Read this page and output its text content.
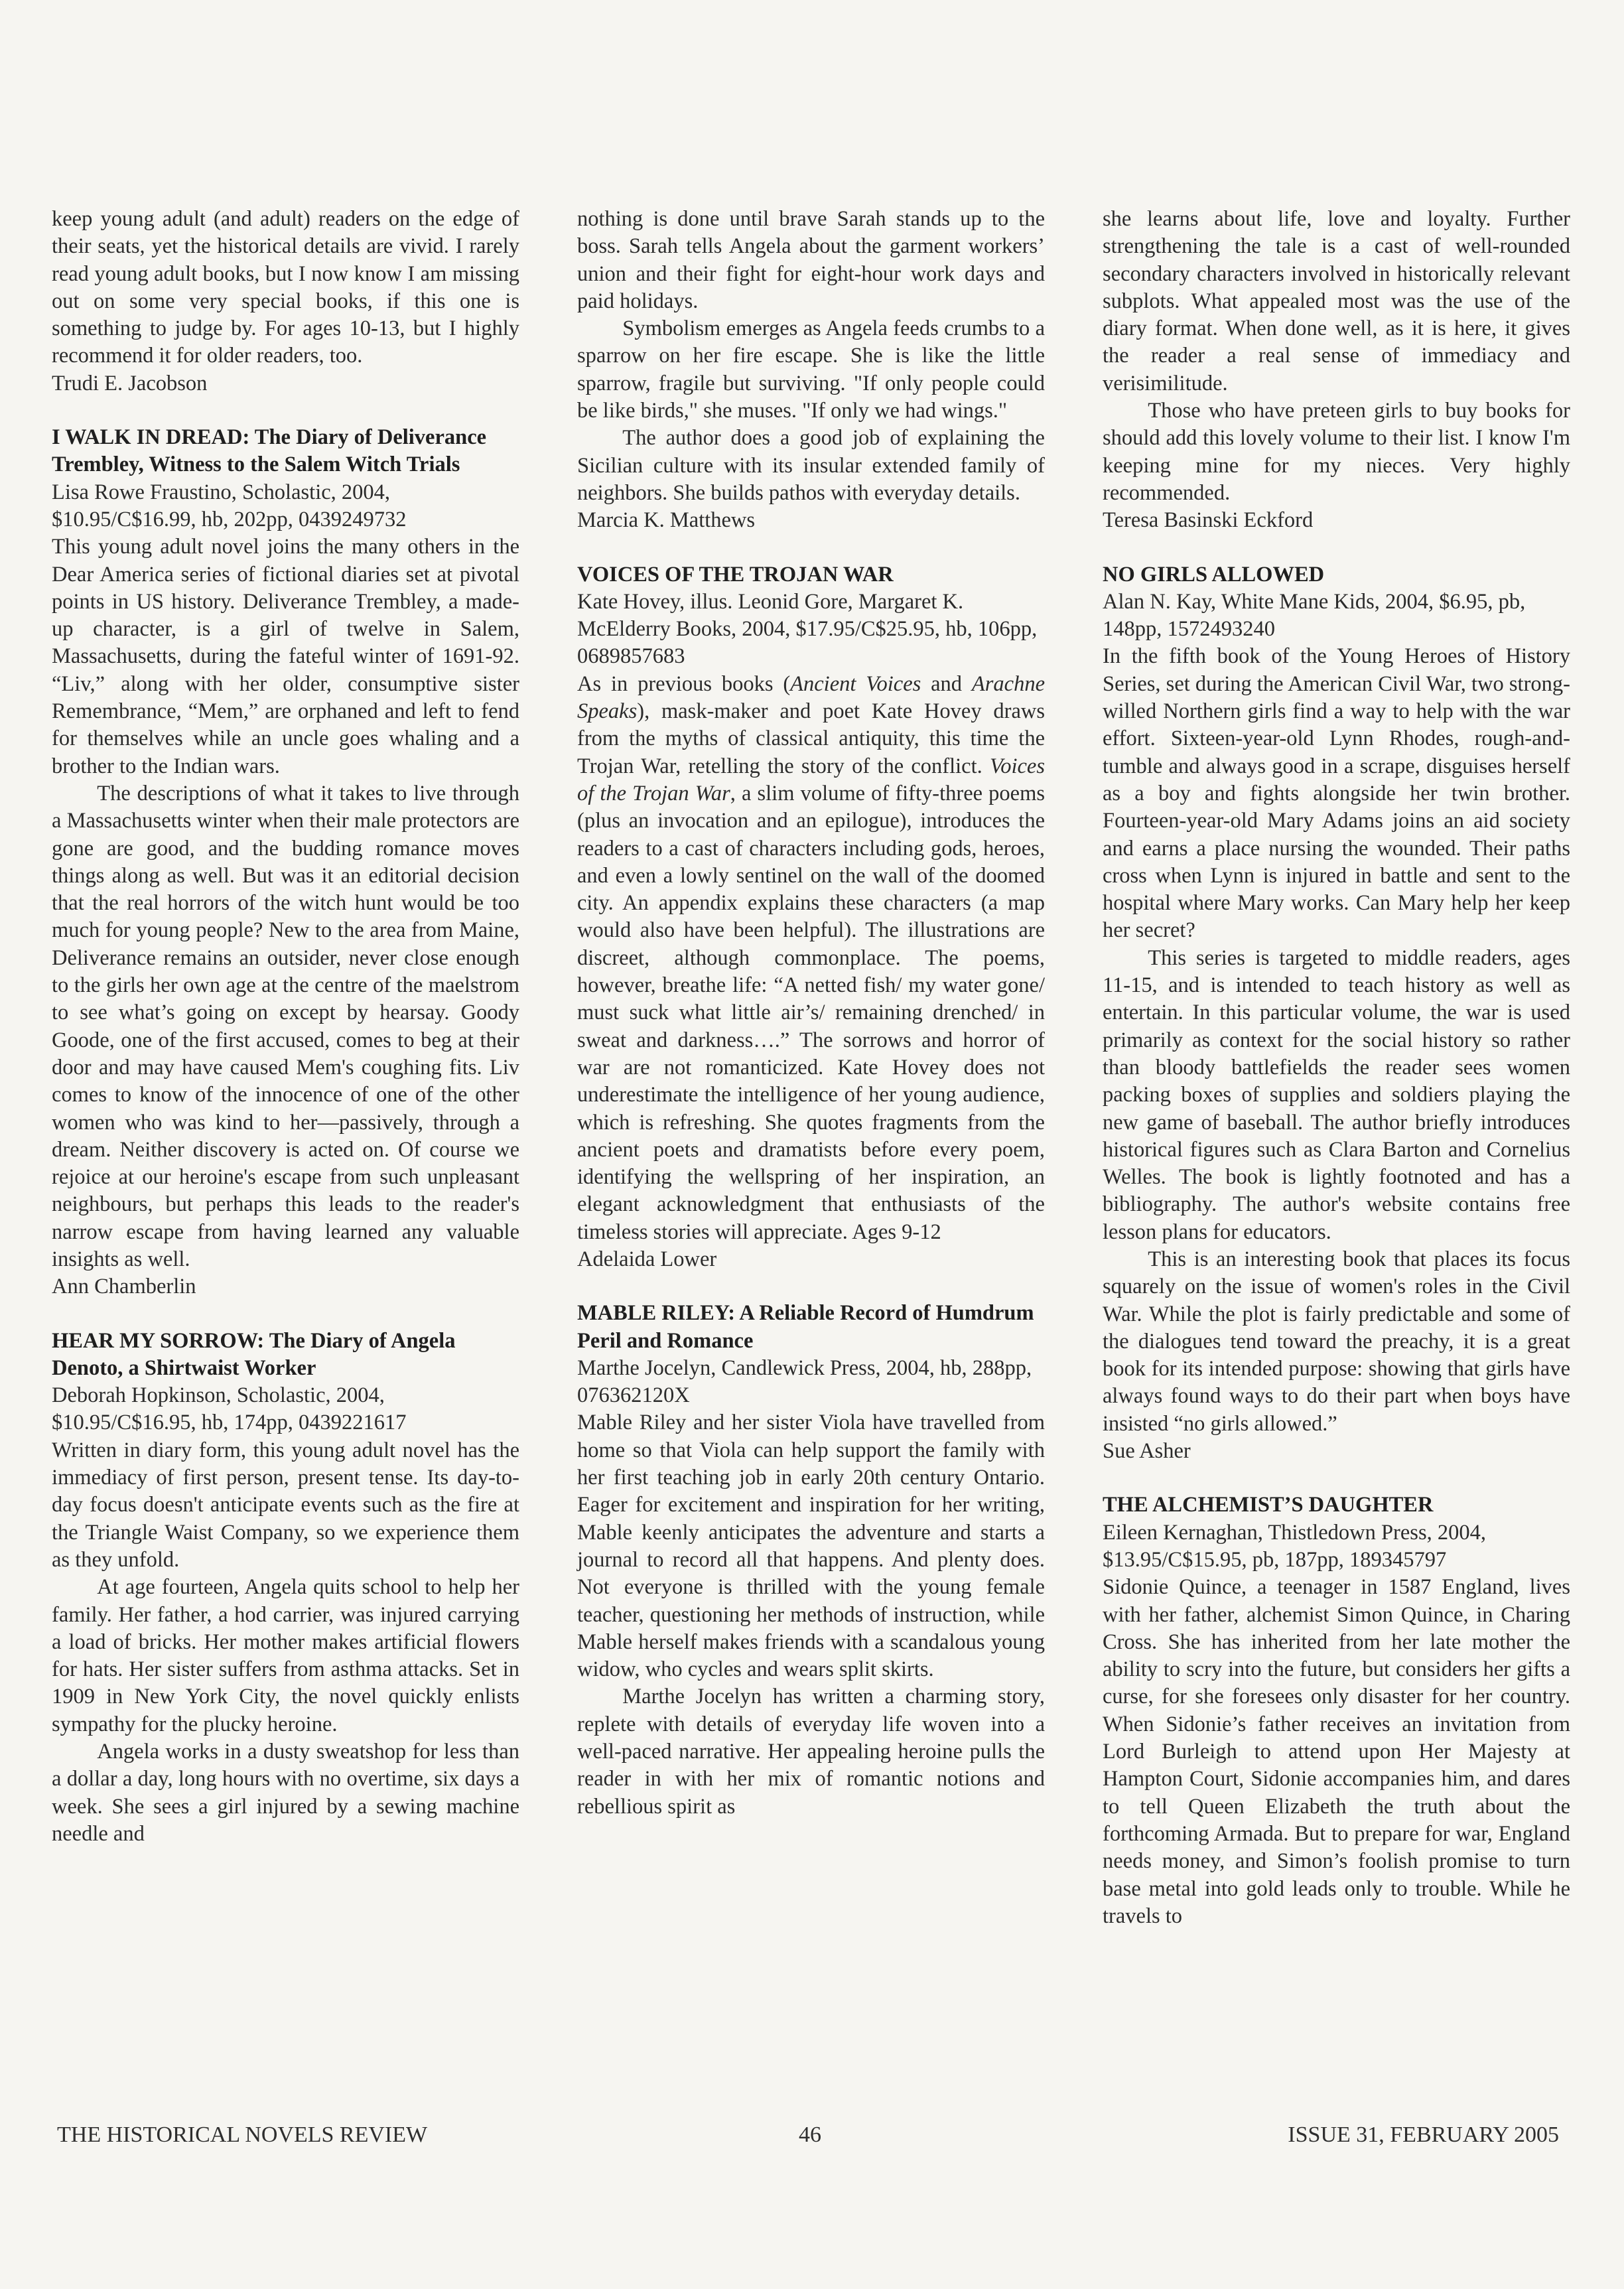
keep young adult (and adult) readers on the edge of their seats, yet the historical details are vivid. I rarely read young adult books, but I now know I am missing out on some very special books, if this one is something to judge by. For ages 10-13, but I highly recommend it for older readers, too.

Trudi E. Jacobson

I WALK IN DREAD: The Diary of Deliverance Trembley, Witness to the Salem Witch Trials

Lisa Rowe Fraustino, Scholastic, 2004, $10.95/C$16.99, hb, 202pp, 0439249732

This young adult novel joins the many others in the Dear America series of fictional diaries set at pivotal points in US history. Deliverance Trembley, a made-up character, is a girl of twelve in Salem, Massachusetts, during the fateful winter of 1691-92. “Liv,” along with her older, consumptive sister Remembrance, “Mem,” are orphaned and left to fend for themselves while an uncle goes whaling and a brother to the Indian wars.

The descriptions of what it takes to live through a Massachusetts winter when their male protectors are gone are good, and the budding romance moves things along as well. But was it an editorial decision that the real horrors of the witch hunt would be too much for young people? New to the area from Maine, Deliverance remains an outsider, never close enough to the girls her own age at the centre of the maelstrom to see what’s going on except by hearsay. Goody Goode, one of the first accused, comes to beg at their door and may have caused Mem's coughing fits. Liv comes to know of the innocence of one of the other women who was kind to her—passively, through a dream. Neither discovery is acted on. Of course we rejoice at our heroine's escape from such unpleasant neighbours, but perhaps this leads to the reader's narrow escape from having learned any valuable insights as well.

Ann Chamberlin

HEAR MY SORROW: The Diary of Angela Denoto, a Shirtwaist Worker

Deborah Hopkinson, Scholastic, 2004, $10.95/C$16.95, hb, 174pp, 0439221617

Written in diary form, this young adult novel has the immediacy of first person, present tense. Its day-to-day focus doesn't anticipate events such as the fire at the Triangle Waist Company, so we experience them as they unfold.

At age fourteen, Angela quits school to help her family. Her father, a hod carrier, was injured carrying a load of bricks. Her mother makes artificial flowers for hats. Her sister suffers from asthma attacks. Set in 1909 in New York City, the novel quickly enlists sympathy for the plucky heroine.

Angela works in a dusty sweatshop for less than a dollar a day, long hours with no overtime, six days a week. She sees a girl injured by a sewing machine needle and

nothing is done until brave Sarah stands up to the boss. Sarah tells Angela about the garment workers’ union and their fight for eight-hour work days and paid holidays.

Symbolism emerges as Angela feeds crumbs to a sparrow on her fire escape. She is like the little sparrow, fragile but surviving. "If only people could be like birds," she muses. "If only we had wings."

The author does a good job of explaining the Sicilian culture with its insular extended family of neighbors. She builds pathos with everyday details.

Marcia K. Matthews

VOICES OF THE TROJAN WAR

Kate Hovey, illus. Leonid Gore, Margaret K. McElderry Books, 2004, $17.95/C$25.95, hb, 106pp, 0689857683

As in previous books (Ancient Voices and Arachne Speaks), mask-maker and poet Kate Hovey draws from the myths of classical antiquity, this time the Trojan War, retelling the story of the conflict. Voices of the Trojan War, a slim volume of fifty-three poems (plus an invocation and an epilogue), introduces the readers to a cast of characters including gods, heroes, and even a lowly sentinel on the wall of the doomed city. An appendix explains these characters (a map would also have been helpful). The illustrations are discreet, although commonplace. The poems, however, breathe life: “A netted fish/ my water gone/ must suck what little air’s/ remaining drenched/ in sweat and darkness….” The sorrows and horror of war are not romanticized. Kate Hovey does not underestimate the intelligence of her young audience, which is refreshing. She quotes fragments from the ancient poets and dramatists before every poem, identifying the wellspring of her inspiration, an elegant acknowledgment that enthusiasts of the timeless stories will appreciate. Ages 9-12

Adelaida Lower

MABLE RILEY: A Reliable Record of Humdrum Peril and Romance

Marthe Jocelyn, Candlewick Press, 2004, hb, 288pp, 076362120X

Mable Riley and her sister Viola have travelled from home so that Viola can help support the family with her first teaching job in early 20th century Ontario. Eager for excitement and inspiration for her writing, Mable keenly anticipates the adventure and starts a journal to record all that happens. And plenty does. Not everyone is thrilled with the young female teacher, questioning her methods of instruction, while Mable herself makes friends with a scandalous young widow, who cycles and wears split skirts.

Marthe Jocelyn has written a charming story, replete with details of everyday life woven into a well-paced narrative. Her appealing heroine pulls the reader in with her mix of romantic notions and rebellious spirit as

she learns about life, love and loyalty. Further strengthening the tale is a cast of well-rounded secondary characters involved in historically relevant subplots. What appealed most was the use of the diary format. When done well, as it is here, it gives the reader a real sense of immediacy and verisimilitude.

Those who have preteen girls to buy books for should add this lovely volume to their list. I know I'm keeping mine for my nieces. Very highly recommended.

Teresa Basinski Eckford

NO GIRLS ALLOWED

Alan N. Kay, White Mane Kids, 2004, $6.95, pb, 148pp, 1572493240

In the fifth book of the Young Heroes of History Series, set during the American Civil War, two strong-willed Northern girls find a way to help with the war effort. Sixteen-year-old Lynn Rhodes, rough-and-tumble and always good in a scrape, disguises herself as a boy and fights alongside her twin brother. Fourteen-year-old Mary Adams joins an aid society and earns a place nursing the wounded. Their paths cross when Lynn is injured in battle and sent to the hospital where Mary works. Can Mary help her keep her secret?

This series is targeted to middle readers, ages 11-15, and is intended to teach history as well as entertain. In this particular volume, the war is used primarily as context for the social history so rather than bloody battlefields the reader sees women packing boxes of supplies and soldiers playing the new game of baseball. The author briefly introduces historical figures such as Clara Barton and Cornelius Welles. The book is lightly footnoted and has a bibliography. The author's website contains free lesson plans for educators.

This is an interesting book that places its focus squarely on the issue of women's roles in the Civil War. While the plot is fairly predictable and some of the dialogues tend toward the preachy, it is a great book for its intended purpose: showing that girls have always found ways to do their part when boys have insisted “no girls allowed.”

Sue Asher

THE ALCHEMIST’S DAUGHTER

Eileen Kernaghan, Thistledown Press, 2004, $13.95/C$15.95, pb, 187pp, 189345797

Sidonie Quince, a teenager in 1587 England, lives with her father, alchemist Simon Quince, in Charing Cross. She has inherited from her late mother the ability to scry into the future, but considers her gifts a curse, for she foresees only disaster for her country. When Sidonie’s father receives an invitation from Lord Burleigh to attend upon Her Majesty at Hampton Court, Sidonie accompanies him, and dares to tell Queen Elizabeth the truth about the forthcoming Armada. But to prepare for war, England needs money, and Simon’s foolish promise to turn base metal into gold leads only to trouble. While he travels to

THE HISTORICAL NOVELS REVIEW	46	ISSUE 31, FEBRUARY 2005
